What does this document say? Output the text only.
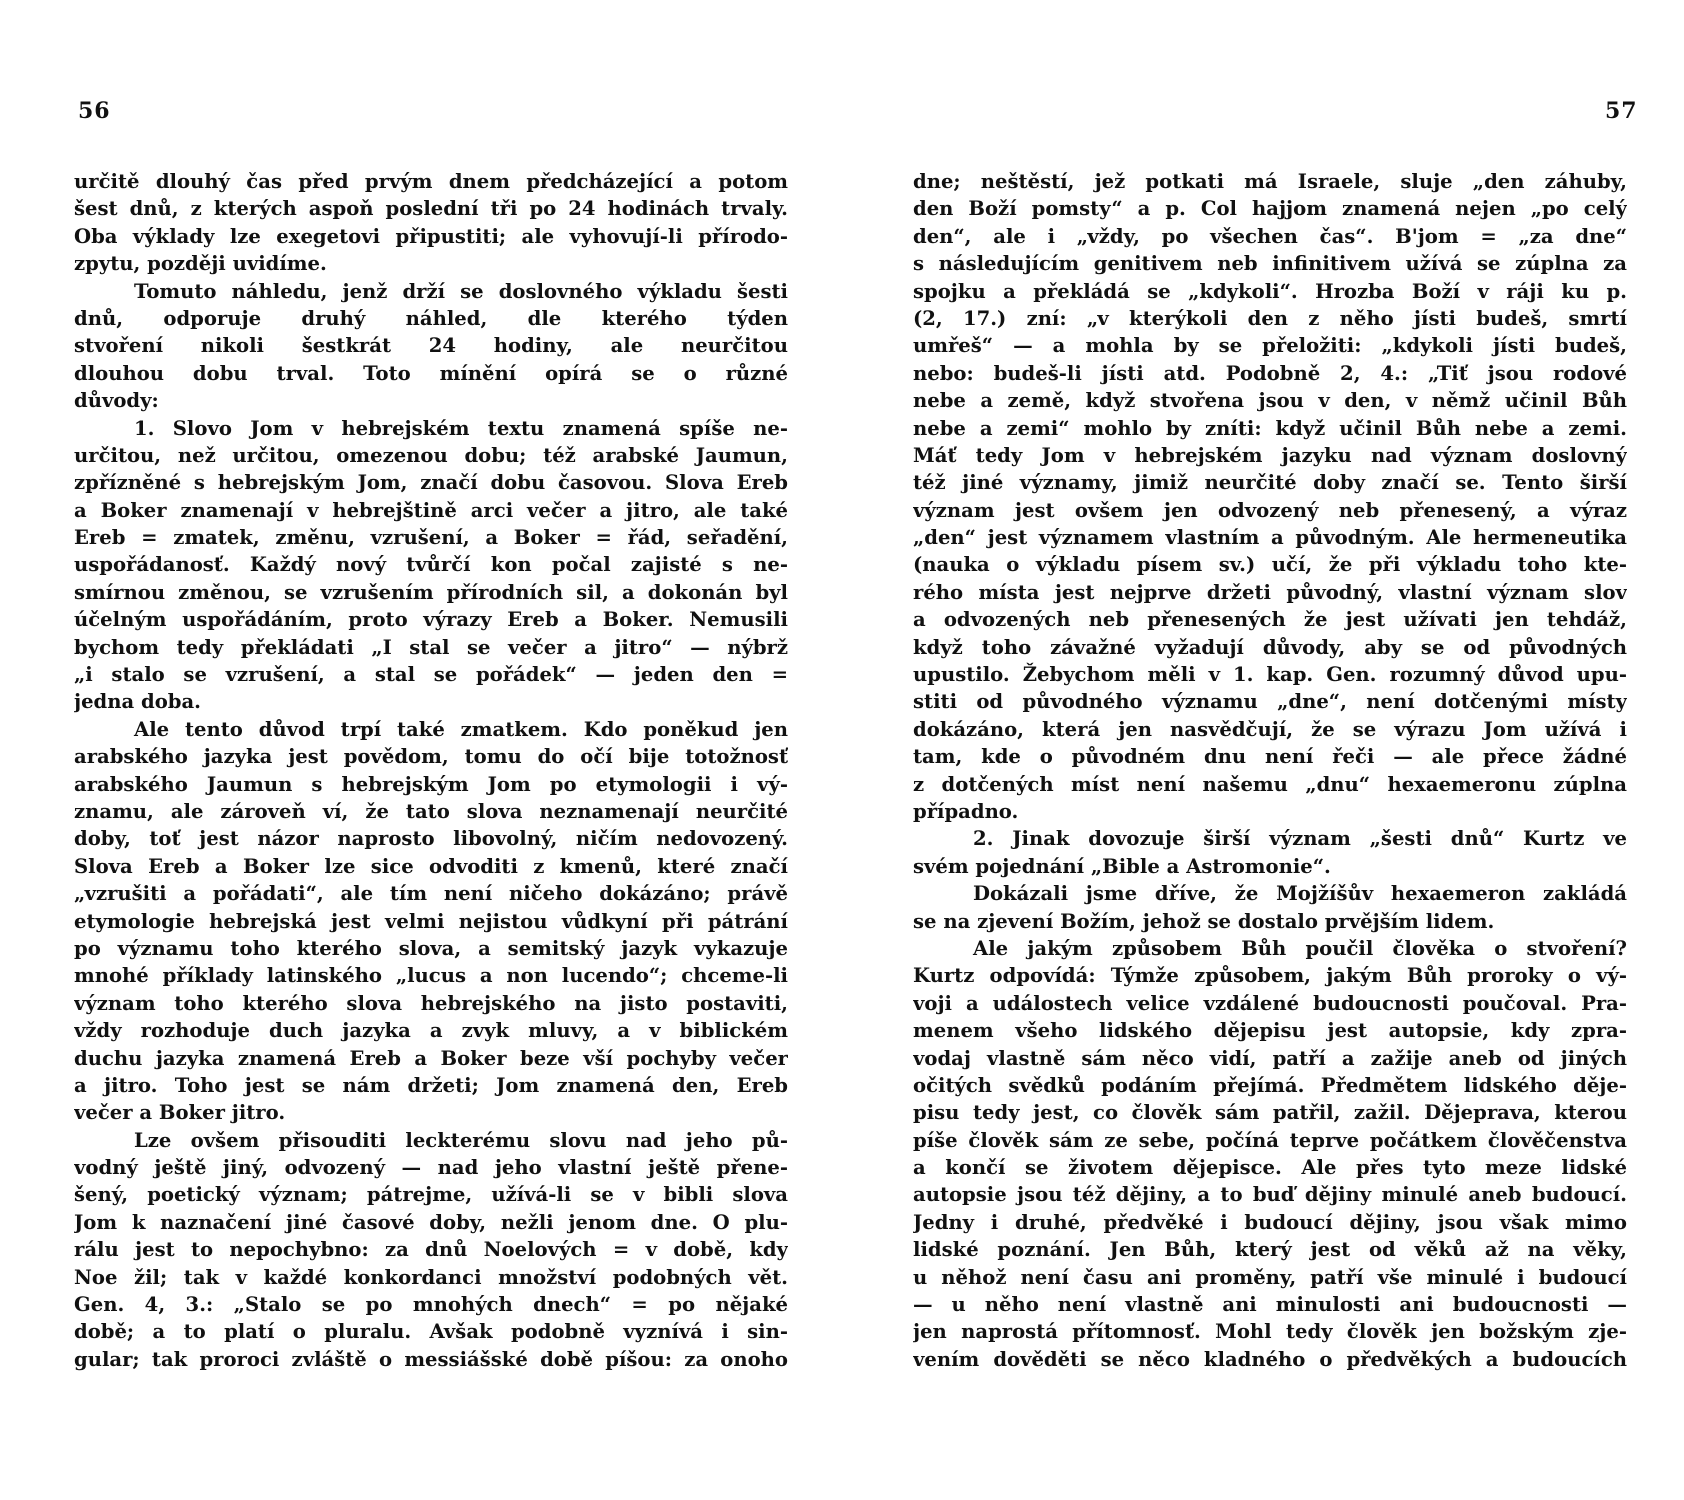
56	57
určitě dlouhý čas před prvým dnem předcházející a potom
šest dnů, z kterých aspoň poslední tři po 24 hodinách trvaly.
Oba výklady lze exegetovi připustiti; ale vyhovují-li přírodo-
zpytu, později uvidíme.
Tomuto náhledu, jenž drží se doslovného výkladu šesti
dnů, odporuje druhý náhled, dle kterého týden
stvoření nikoli šestkrát 24 hodiny, ale neurčitou
dlouhou dobu trval. Toto mínění opírá se o různé
důvody:
1. Slovo Jom v hebrejském textu znamená spíše ne-
určitou, než určitou, omezenou dobu; též arabské Jaumun,
zpřízněné s hebrejským Jom, značí dobu časovou. Slova Ereb
a Boker znamenají v hebrejštině arci večer a jitro, ale také
Ereb = zmatek, změnu, vzrušení, a Boker = řád, seřadění,
uspořádanosť. Každý nový tvůrčí kon počal zajisté s ne-
smírnou změnou, se vzrušením přírodních sil, a dokonán byl
účelným uspořádáním, proto výrazy Ereb a Boker. Nemusili
bychom tedy překládati „I stal se večer a jitro“ — nýbrž
„i stalo se vzrušení, a stal se pořádek“ — jeden den =
jedna doba.
Ale tento důvod trpí také zmatkem. Kdo poněkud jen
arabského jazyka jest povědom, tomu do očí bije totožnosť
arabského Jaumun s hebrejským Jom po etymologii i vý-
znamu, ale zároveň ví, že tato slova neznamenají neurčité
doby, toť jest názor naprosto libovolný, ničím nedovozený.
Slova Ereb a Boker lze sice odvoditi z kmenů, které značí
„vzrušiti a pořádati“, ale tím není ničeho dokázáno; právě
etymologie hebrejská jest velmi nejistou vůdkyní při pátrání
po významu toho kterého slova, a semitský jazyk vykazuje
mnohé příklady latinského „lucus a non lucendo“; chceme-li
význam toho kterého slova hebrejského na jisto postaviti,
vždy rozhoduje duch jazyka a zvyk mluvy, a v biblickém
duchu jazyka znamená Ereb a Boker beze vší pochyby večer
a jitro. Toho jest se nám držeti; Jom znamená den, Ereb
večer a Boker jitro.
Lze ovšem přisouditi leckterému slovu nad jeho pů-
vodný ještě jiný, odvozený — nad jeho vlastní ještě přene-
šený, poetický význam; pátrejme, užívá-li se v bibli slova
Jom k naznačení jiné časové doby, nežli jenom dne. O plu-
rálu jest to nepochybno: za dnů Noelových = v době, kdy
Noe žil; tak v každé konkordanci množství podobných vět.
Gen. 4, 3.: „Stalo se po mnohých dnech“ = po nějaké
době; a to platí o pluralu. Avšak podobně vyznívá i sin-
gular; tak proroci zvláště o messiášské době píšou: za onoho
dne; neštěstí, jež potkati má Israele, sluje „den záhuby,
den Boží pomsty“ a p. Col hajjom znamená nejen „po celý
den“, ale i „vždy, po všechen čas“. B'jom = „za dne“
s následujícím genitivem neb infinitivem užívá se zúplna za
spojku a překládá se „kdykoli“. Hrozba Boží v ráji ku p.
(2, 17.) zní: „v kterýkoli den z něho jísti budeš, smrtí
umřeš“ — a mohla by se přeložiti: „kdykoli jísti budeš,
nebo: budeš-li jísti atd. Podobně 2, 4.: „Tiť jsou rodové
nebe a země, když stvořena jsou v den, v němž učinil Bůh
nebe a zemi“ mohlo by zníti: když učinil Bůh nebe a zemi.
Máť tedy Jom v hebrejském jazyku nad význam doslovný
též jiné významy, jimiž neurčité doby značí se. Tento širší
význam jest ovšem jen odvozený neb přenesený, a výraz
„den“ jest významem vlastním a původným. Ale hermeneutika
(nauka o výkladu písem sv.) učí, že při výkladu toho kte-
rého místa jest nejprve držeti původný, vlastní význam slov
a odvozených neb přenesených že jest užívati jen tehdáž,
když toho závažné vyžadují důvody, aby se od původných
upustilo. Žebychom měli v 1. kap. Gen. rozumný důvod upu-
stiti od původného významu „dne“, není dotčenými místy
dokázáno, která jen nasvědčují, že se výrazu Jom užívá i
tam, kde o původném dnu není řeči — ale přece žádné
z dotčených míst není našemu „dnu“ hexaemeronu zúplna
případno.
2. Jinak dovozuje širší význam „šesti dnů“ Kurtz ve
svém pojednání „Bible a Astromonie“.
Dokázali jsme dříve, že Mojžíšův hexaemeron zakládá
se na zjevení Božím, jehož se dostalo prvějším lidem.
Ale jakým způsobem Bůh poučil člověka o stvoření?
Kurtz odpovídá: Týmže způsobem, jakým Bůh proroky o vý-
voji a událostech velice vzdálené budoucnosti poučoval. Pra-
menem všeho lidského dějepisu jest autopsie, kdy zpra-
vodaj vlastně sám něco vidí, patří a zažije aneb od jiných
očitých svědků podáním přejímá. Předmětem lidského děje-
pisu tedy jest, co člověk sám patřil, zažil. Dějeprava, kterou
píše člověk sám ze sebe, počíná teprve počátkem člověčenstva
a končí se životem dějepisce. Ale přes tyto meze lidské
autopsie jsou též dějiny, a to buď dějiny minulé aneb budoucí.
Jedny i druhé, předvěké i budoucí dějiny, jsou však mimo
lidské poznání. Jen Bůh, který jest od věků až na věky,
u něhož není času ani proměny, patří vše minulé i budoucí
— u něho není vlastně ani minulosti ani budoucnosti —
jen naprostá přítomnosť. Mohl tedy člověk jen božským zje-
vením dověděti se něco kladného o předvěkých a budoucích
